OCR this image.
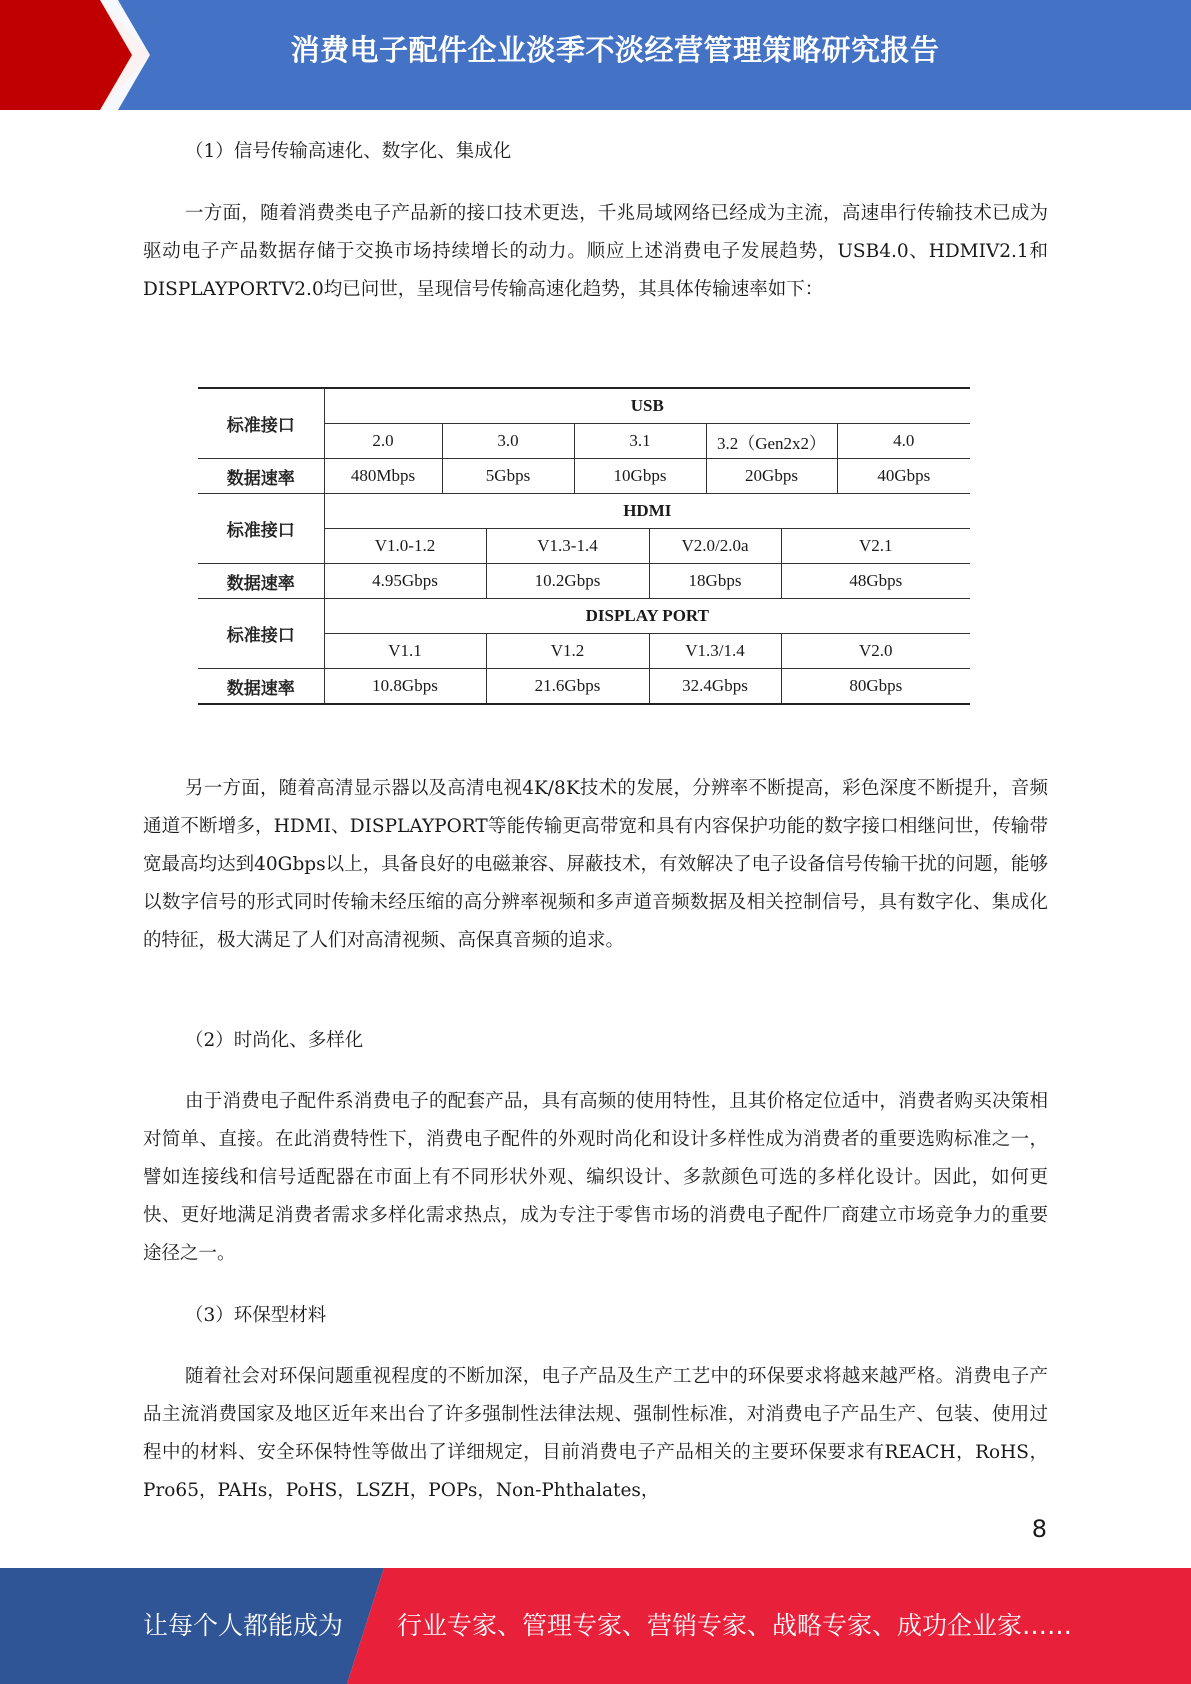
消费电子配件企业淡季不淡经营管理策略研究报告

（1）信号传输高速化、数字化、集成化

一方面，随着消费类电子产品新的接口技术更迭，千兆局域网络已经成为主流，高速串行传输技术已成为驱动电子产品数据存储于交换市场持续增长的动力。顺应上述消费电子发展趋势，USB4.0、HDMIV2.1和DISPLAYPORTV2.0均已问世，呈现信号传输高速化趋势，其具体传输速率如下：

标准接口	USB							
	2.0	3.0		3.1		3.2（Gen2x2）		4.0
数据速率	480Mbps	5Gbps		10Gbps		20Gbps		40Gbps
标准接口	HDMI							
	V1.0-1.2		V1.3-1.4		V2.0/2.0a		V2.1	
数据速率	4.95Gbps		10.2Gbps		18Gbps		48Gbps	
标准接口	DISPLAY PORT							
	V1.1		V1.2		V1.3/1.4		V2.0	
数据速率	10.8Gbps		21.6Gbps		32.4Gbps		80Gbps	

另一方面，随着高清显示器以及高清电视4K/8K技术的发展，分辨率不断提高，彩色深度不断提升，音频通道不断增多，HDMI、DISPLAYPORT等能传输更高带宽和具有内容保护功能的数字接口相继问世，传输带宽最高均达到40Gbps以上，具备良好的电磁兼容、屏蔽技术，有效解决了电子设备信号传输干扰的问题，能够以数字信号的形式同时传输未经压缩的高分辨率视频和多声道音频数据及相关控制信号，具有数字化、集成化的特征，极大满足了人们对高清视频、高保真音频的追求。

（2）时尚化、多样化

由于消费电子配件系消费电子的配套产品，具有高频的使用特性，且其价格定位适中，消费者购买决策相对简单、直接。在此消费特性下，消费电子配件的外观时尚化和设计多样性成为消费者的重要选购标准之一，譬如连接线和信号适配器在市面上有不同形状外观、编织设计、多款颜色可选的多样化设计。因此，如何更快、更好地满足消费者需求多样化需求热点，成为专注于零售市场的消费电子配件厂商建立市场竞争力的重要途径之一。

（3）环保型材料

随着社会对环保问题重视程度的不断加深，电子产品及生产工艺中的环保要求将越来越严格。消费电子产品主流消费国家及地区近年来出台了许多强制性法律法规、强制性标准，对消费电子产品生产、包装、使用过程中的材料、安全环保特性等做出了详细规定，目前消费电子产品相关的主要环保要求有REACH，RoHS，Pro65，PAHs，PoHS，LSZH，POPs，Non-Phthalates，

8
让每个人都能成为 行业专家、管理专家、营销专家、战略专家、成功企业家……
